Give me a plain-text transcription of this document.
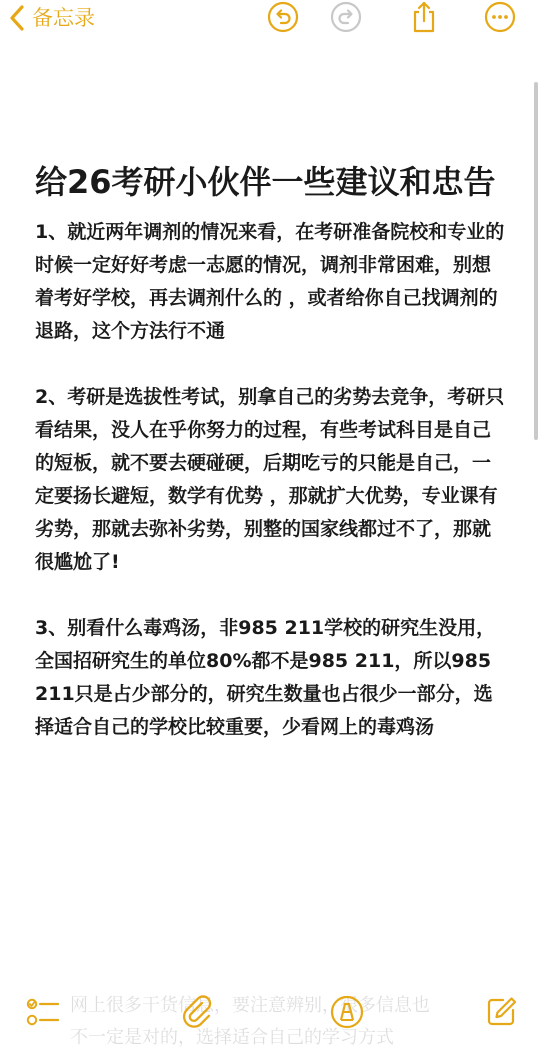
备忘录
给26考研小伙伴一些建议和忠告

1、就近两年调剂的情况来看，在考研准备院校和专业的时候一定好好考虑一志愿的情况，调剂非常困难，别想着考好学校，再去调剂什么的 ，或者给你自己找调剂的退路，这个方法行不通

2、考研是选拔性考试，别拿自己的劣势去竞争，考研只看结果，没人在乎你努力的过程，有些考试科目是自己的短板，就不要去硬碰硬，后期吃亏的只能是自己，一定要扬长避短，数学有优势 ，那就扩大优势，专业课有劣势，那就去弥补劣势，别整的国家线都过不了，那就很尴尬了!

3、别看什么毒鸡汤，非985 211学校的研究生没用，全国招研究生的单位80%都不是985 211，所以985 211只是占少部分的，研究生数量也占很少一部分，选择适合自己的学校比较重要，少看网上的毒鸡汤

网上很多干货信息，要注意辨别，很多信息也
不一定是对的，选择适合自己的学习方式
